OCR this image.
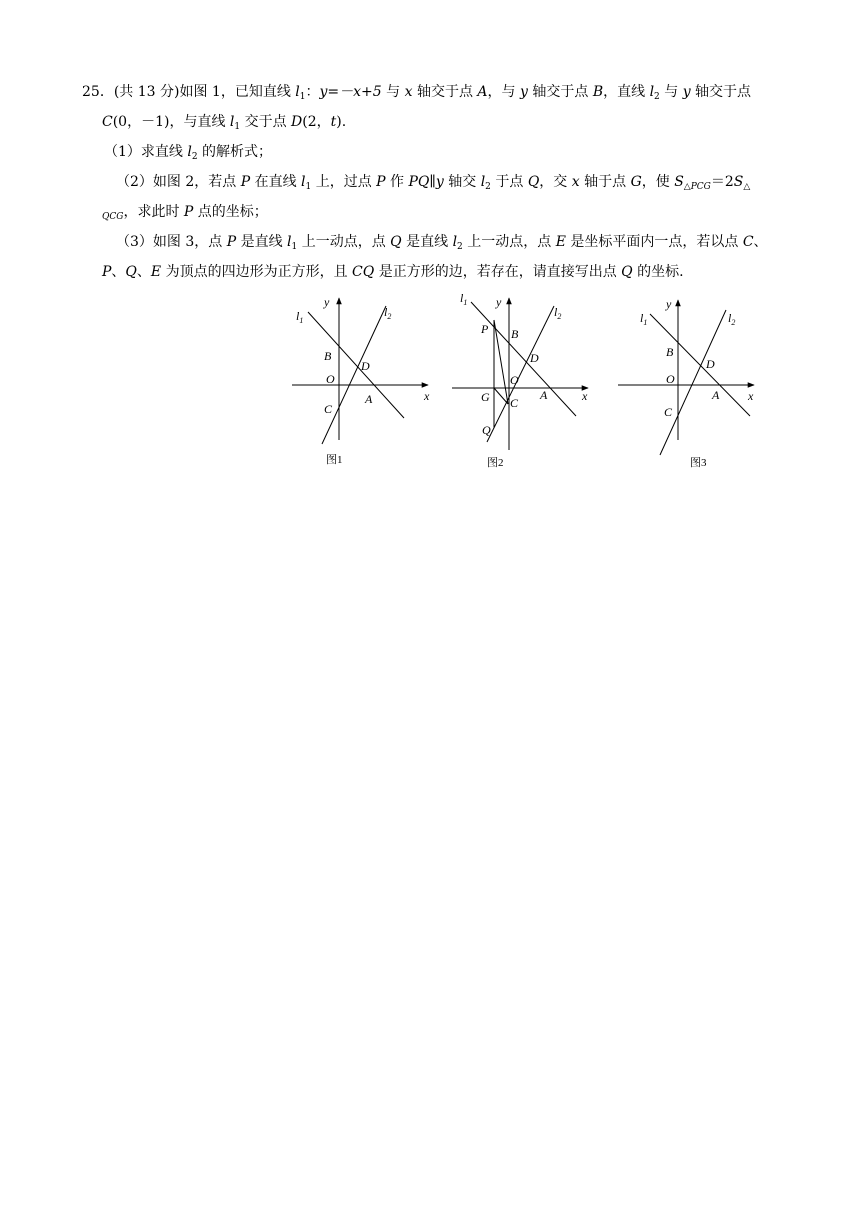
25．(共 13 分)如图 1，已知直线 $l_1$：y=－x+5 与 x 轴交于点 A，与 y 轴交于点 B，直线 $l_2$ 与 y 轴交于点
C(0，－1)，与直线 $l_1$ 交于点 D(2，t).
（1）求直线 $l_2$ 的解析式；
（2）如图 2，若点 P 在直线 $l_1$ 上，过点 P 作 PQ∥y 轴交 $l_2$ 于点 Q，交 x 轴于点 G，使 $S_{\triangle PCG}=2S_\triangle$
$_{QCG}$，求此时 P 点的坐标；
（3）如图 3，点 P 是直线 $l_1$ 上一动点，点 Q 是直线 $l_2$ 上一动点，点 E 是坐标平面内一点，若以点 C、
P、Q、E 为顶点的四边形为正方形，且 CQ 是正方形的边，若存在，请直接写出点 Q 的坐标.
$l_1$
$l_2$
y
x
B
O
C
D
A
图1
$l_1$
$l_2$
y
x
P B
D
O
G C
A
Q
图2
$l_1$	$l_2$
y
x
B
O
D
C
A
图3
